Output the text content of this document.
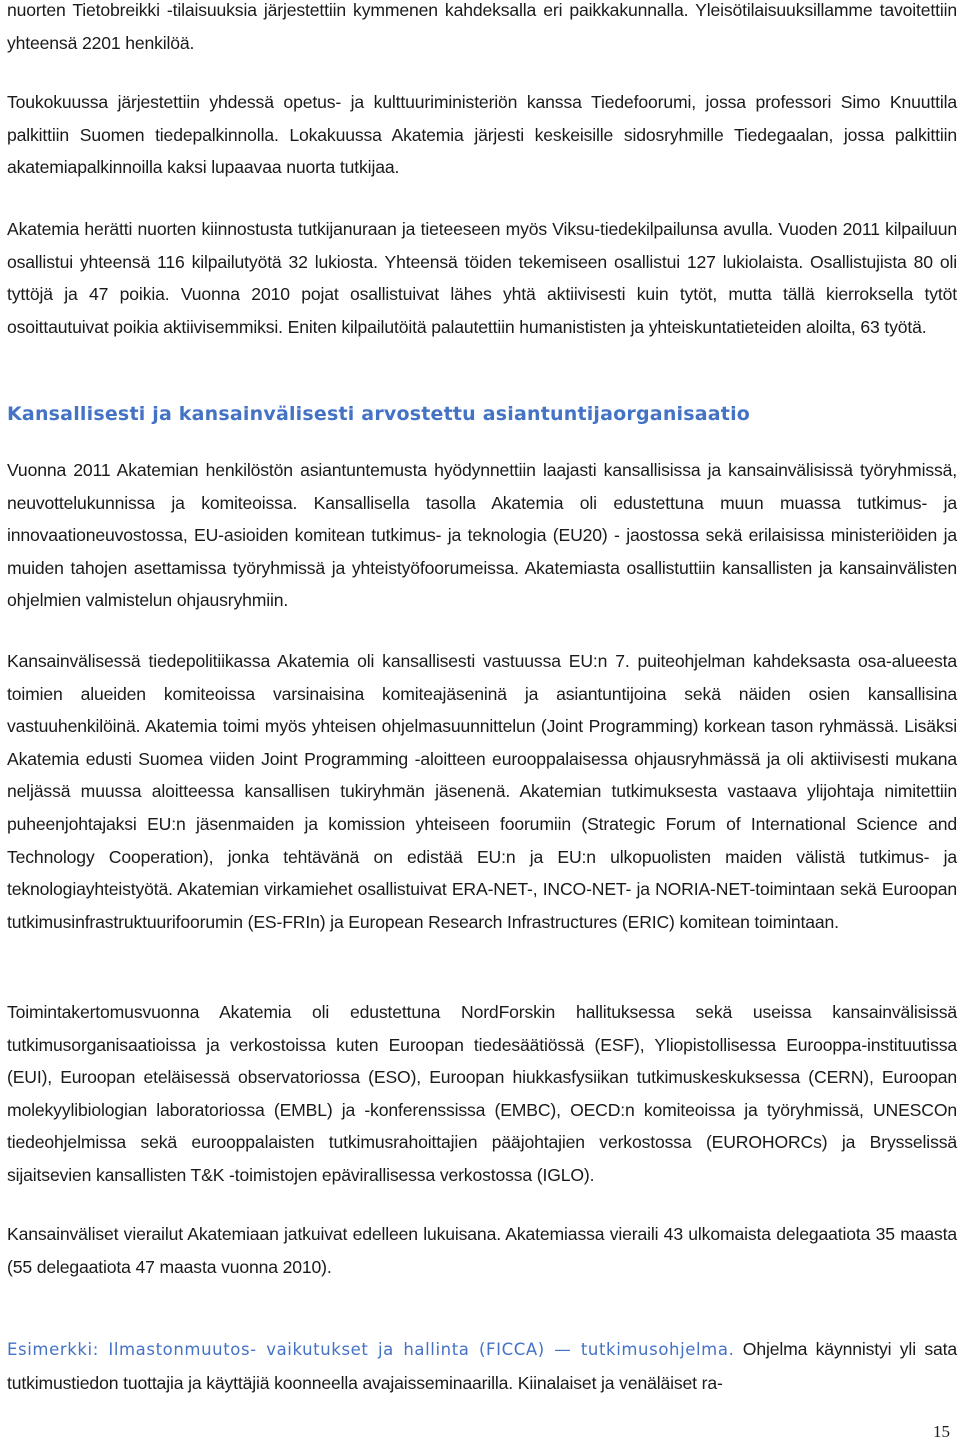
nuorten Tietobreikki -tilaisuuksia järjestettiin kymmenen kahdeksalla eri paikkakunnalla. Yleisötilaisuuksillamme tavoitettiin yhteensä 2201 henkilöä.

Toukokuussa järjestettiin yhdessä opetus- ja kulttuuriministeriön kanssa Tiedefoorumi, jossa professori Simo Knuuttila palkittiin Suomen tiedepalkinnolla. Lokakuussa Akatemia järjesti keskeisille sidosryhmille Tiedegaalan, jossa palkittiin akatemiapalkinnoilla kaksi lupaavaa nuorta tutkijaa.

Akatemia herätti nuorten kiinnostusta tutkijanuraan ja tieteeseen myös Viksu-tiedekilpailunsa avulla. Vuoden 2011 kilpailuun osallistui yhteensä 116 kilpailutyötä 32 lukiosta. Yhteensä töiden tekemiseen osallistui 127 lukiolaista. Osallistujista 80 oli tyttöjä ja 47 poikia. Vuonna 2010 pojat osallistuivat lähes yhtä aktiivisesti kuin tytöt, mutta tällä kierroksella tytöt osoittautuivat poikia aktiivisemmiksi. Eniten kilpailutöitä palautettiin humanististen ja yhteiskuntatieteiden aloilta, 63 työtä.

Kansallisesti ja kansainvälisesti arvostettu asiantuntijaorganisaatio

Vuonna 2011 Akatemian henkilöstön asiantuntemusta hyödynnettiin laajasti kansallisissa ja kansainvälisissä työryhmissä, neuvottelukunnissa ja komiteoissa. Kansallisella tasolla Akatemia oli edustettuna muun muassa tutkimus- ja innovaationeuvostossa, EU-asioiden komitean tutkimus- ja teknologia (EU20) - jaostossa sekä erilaisissa ministeriöiden ja muiden tahojen asettamissa työryhmissä ja yhteistyöfoorumeissa. Akatemiasta osallistuttiin kansallisten ja kansainvälisten ohjelmien valmistelun ohjausryhmiin.

Kansainvälisessä tiedepolitiikassa Akatemia oli kansallisesti vastuussa EU:n 7. puiteohjelman kahdeksasta osa-alueesta toimien alueiden komiteoissa varsinaisina komiteajäseninä ja asiantuntijoina sekä näiden osien kansallisina vastuuhenkilöinä. Akatemia toimi myös yhteisen ohjelmasuunnittelun (Joint Programming) korkean tason ryhmässä. Lisäksi Akatemia edusti Suomea viiden Joint Programming -aloitteen eurooppalaisessa ohjausryhmässä ja oli aktiivisesti mukana neljässä muussa aloitteessa kansallisen tukiryhmän jäsenenä. Akatemian tutkimuksesta vastaava ylijohtaja nimitettiin puheenjohtajaksi EU:n jäsenmaiden ja komission yhteiseen foorumiin (Strategic Forum of International Science and Technology Cooperation), jonka tehtävänä on edistää EU:n ja EU:n ulkopuolisten maiden välistä tutkimus- ja teknologiayhteistyötä. Akatemian virkamiehet osallistuivat ERA-NET-, INCO-NET- ja NORIA-NET-toimintaan sekä Euroopan tutkimusinfrastruktuurifoorumin (ES-FRIn) ja European Research Infrastructures (ERIC) komitean toimintaan.

Toimintakertomusvuonna Akatemia oli edustettuna NordForskin hallituksessa sekä useissa kansainvälisissä tutkimusorganisaatioissa ja verkostoissa kuten Euroopan tiedesäätiössä (ESF), Yliopistollisessa Eurooppa-instituutissa (EUI), Euroopan eteläisessä observatoriossa (ESO), Euroopan hiukkasfysiikan tutkimuskeskuksessa (CERN), Euroopan molekyylibiologian laboratoriossa (EMBL) ja -konferenssissa (EMBC), OECD:n komiteoissa ja työryhmissä, UNESCOn tiedeohjelmissa sekä eurooppalaisten tutkimusrahoittajien pääjohtajien verkostossa (EUROHORCs) ja Brysselissä sijaitsevien kansallisten T&K -toimistojen epävirallisessa verkostossa (IGLO).

Kansainväliset vierailut Akatemiaan jatkuivat edelleen lukuisana. Akatemiassa vieraili 43 ulkomaista delegaatiota 35 maasta (55 delegaatiota 47 maasta vuonna 2010).

Esimerkki: Ilmastonmuutos- vaikutukset ja hallinta (FICCA) — tutkimusohjelma. Ohjelma käynnistyi yli sata tutkimustiedon tuottajia ja käyttäjiä koonneella avajaisseminaarilla. Kiinalaiset ja venäläiset ra-

15
